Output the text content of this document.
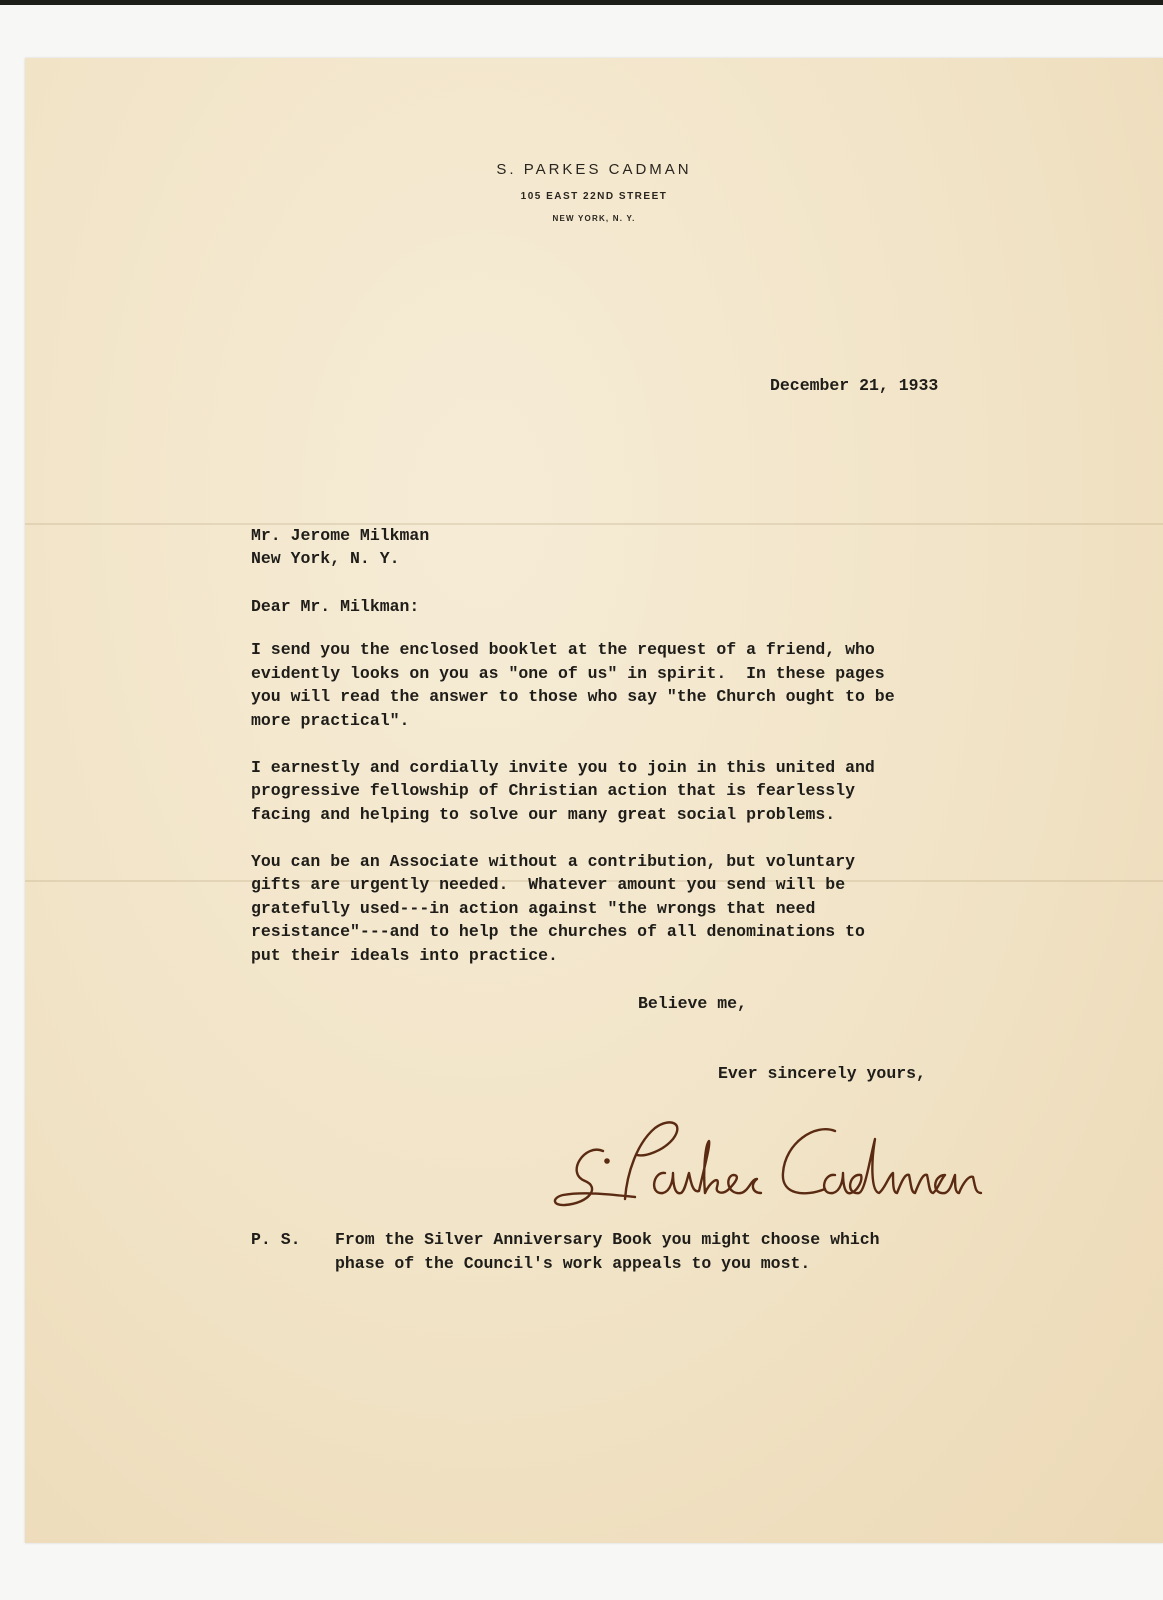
S. PARKES CADMAN
105 EAST 22ND STREET
NEW YORK, N. Y.
December 21, 1933
Mr. Jerome Milkman
New York, N. Y.
Dear Mr. Milkman:
I send you the enclosed booklet at the request of a friend, who
evidently looks on you as "one of us" in spirit.  In these pages
you will read the answer to those who say "the Church ought to be
more practical".
I earnestly and cordially invite you to join in this united and
progressive fellowship of Christian action that is fearlessly
facing and helping to solve our many great social problems.
You can be an Associate without a contribution, but voluntary
gifts are urgently needed.  Whatever amount you send will be
gratefully used---in action against "the wrongs that need
resistance"---and to help the churches of all denominations to
put their ideals into practice.
Believe me,
Ever sincerely yours,
P. S. From the Silver Anniversary Book you might choose which
phase of the Council's work appeals to you most.
